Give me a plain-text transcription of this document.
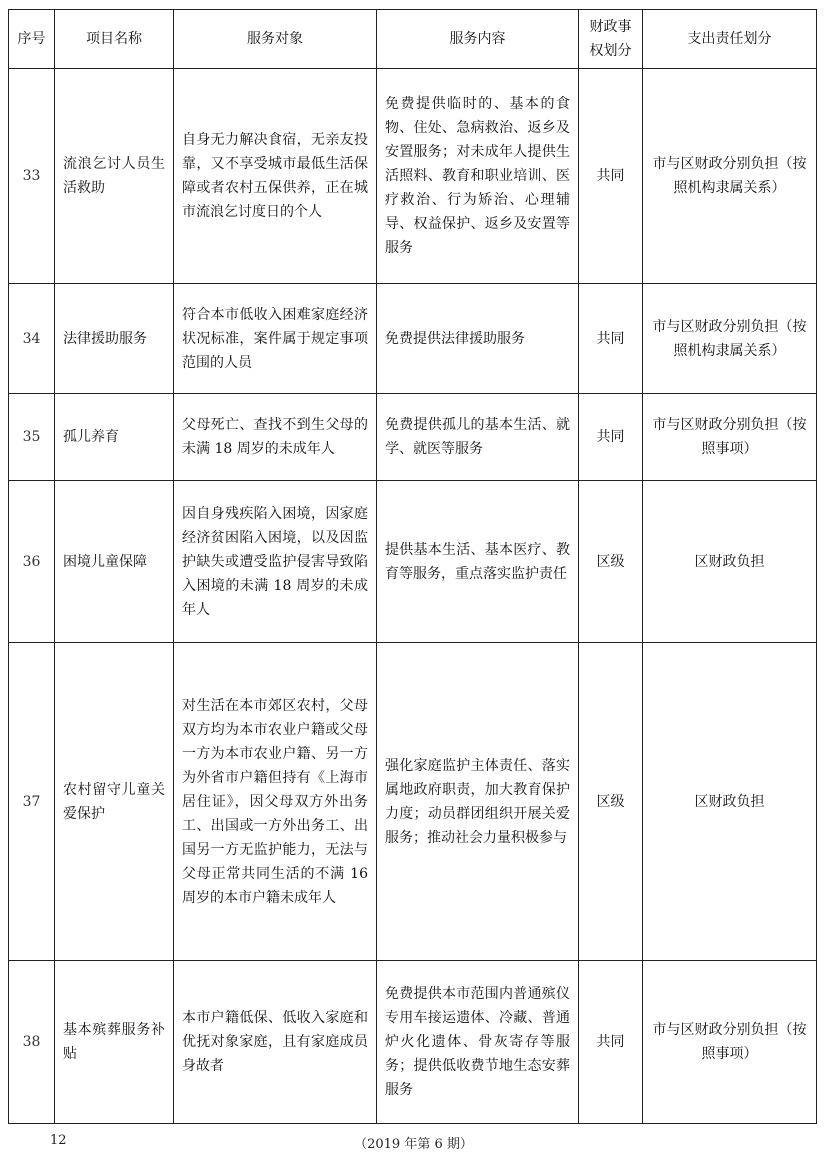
序号	项目名称	服务对象	服务内容	财政事权划分	支出责任划分
33	流浪乞讨人员生活救助	自身无力解决食宿，无亲友投靠，又不享受城市最低生活保障或者农村五保供养，正在城市流浪乞讨度日的个人	免费提供临时的、基本的食物、住处、急病救治、返乡及安置服务；对未成年人提供生活照料、教育和职业培训、医疗救治、行为矫治、心理辅导、权益保护、返乡及安置等服务	共同	市与区财政分别负担（按照机构隶属关系）
34	法律援助服务	符合本市低收入困难家庭经济状况标准，案件属于规定事项范围的人员	免费提供法律援助服务	共同	市与区财政分别负担（按照机构隶属关系）
35	孤儿养育	父母死亡、查找不到生父母的未满 18 周岁的未成年人	免费提供孤儿的基本生活、就学、就医等服务	共同	市与区财政分别负担（按照事项）
36	困境儿童保障	因自身残疾陷入困境，因家庭经济贫困陷入困境，以及因监护缺失或遭受监护侵害导致陷入困境的未满 18 周岁的未成年人	提供基本生活、基本医疗、教育等服务，重点落实监护责任	区级	区财政负担
37	农村留守儿童关爱保护	对生活在本市郊区农村，父母双方均为本市农业户籍或父母一方为本市农业户籍、另一方为外省市户籍但持有《上海市居住证》，因父母双方外出务工、出国或一方外出务工、出国另一方无监护能力，无法与父母正常共同生活的不满 16 周岁的本市户籍未成年人	强化家庭监护主体责任、落实属地政府职责，加大教育保护力度；动员群团组织开展关爱服务；推动社会力量积极参与	区级	区财政负担
38	基本殡葬服务补贴	本市户籍低保、低收入家庭和优抚对象家庭，且有家庭成员身故者	免费提供本市范围内普通殡仪专用车接运遗体、冷藏、普通炉火化遗体、骨灰寄存等服务；提供低收费节地生态安葬服务	共同	市与区财政分别负担（按照事项）
12	（2019 年第 6 期）
